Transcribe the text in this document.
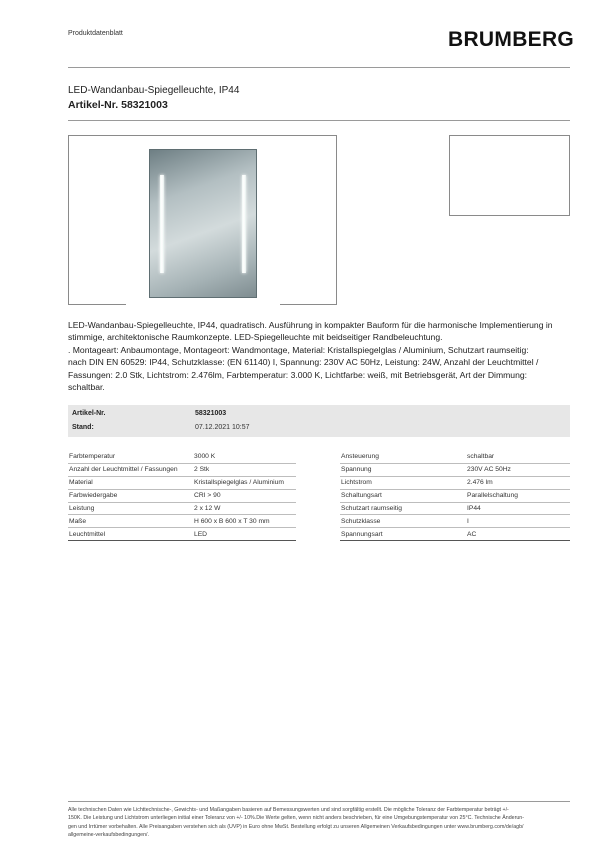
Produktdatenblatt	BRUMBERG
LED-Wandanbau-Spiegelleuchte, IP44
Artikel-Nr. 58321003
LED-Wandanbau-Spiegelleuchte, IP44, quadratisch. Ausführung in kompakter Bauform für die harmonische Implementierung in
stimmige, architektonische Raumkonzepte. LED-Spiegelleuchte mit beidseitiger Randbeleuchtung.
. Montageart: Anbaumontage, Montageort: Wandmontage, Material: Kristallspiegelglas / Aluminium, Schutzart raumseitig:
nach DIN EN 60529: IP44, Schutzklasse: (EN 61140) I, Spannung: 230V AC 50Hz, Leistung: 24W, Anzahl der Leuchtmittel /
Fassungen: 2.0 Stk, Lichtstrom: 2.476lm, Farbtemperatur: 3.000 K, Lichtfarbe: weiß, mit Betriebsgerät, Art der Dimmung:
schaltbar.
Artikel-Nr.	58321003
Stand:	07.12.2021 10:57
Farbtemperatur	3000 K
Anzahl der Leuchtmittel / Fassungen	2 Stk
Material	Kristallspiegelglas / Aluminium
Farbwiedergabe	CRI > 90
Leistung	2 x 12 W
Maße	H 600 x B 600 x T 30 mm
Leuchtmittel	LED
Ansteuerung	schaltbar
Spannung	230V AC 50Hz
Lichtstrom	2.476 lm
Schaltungsart	Parallelschaltung
Schutzart raumseitig	IP44
Schutzklasse	I
Spannungsart	AC
Alle technischen Daten wie Lichttechnische-, Gewichts- und Maßangaben basieren auf Bemessungswerten und sind sorgfältig erstellt. Die mögliche Toleranz der Farbtemperatur beträgt +/-
150K. Die Leistung und Lichtstrom unterliegen initial einer Toleranz von +/- 10%.Die Werte gelten, wenn nicht anders beschrieben, für eine Umgebungstemperatur von 25°C. Technische Änderun-
gen und Irrtümer vorbehalten. Alle Preisangaben verstehen sich als (UVP) in Euro ohne MwSt. Bestellung erfolgt zu unseren Allgemeinen Verkaufsbedingungen unter www.brumberg.com/de/agb/
allgemeine-verkaufsbedingungen/.
